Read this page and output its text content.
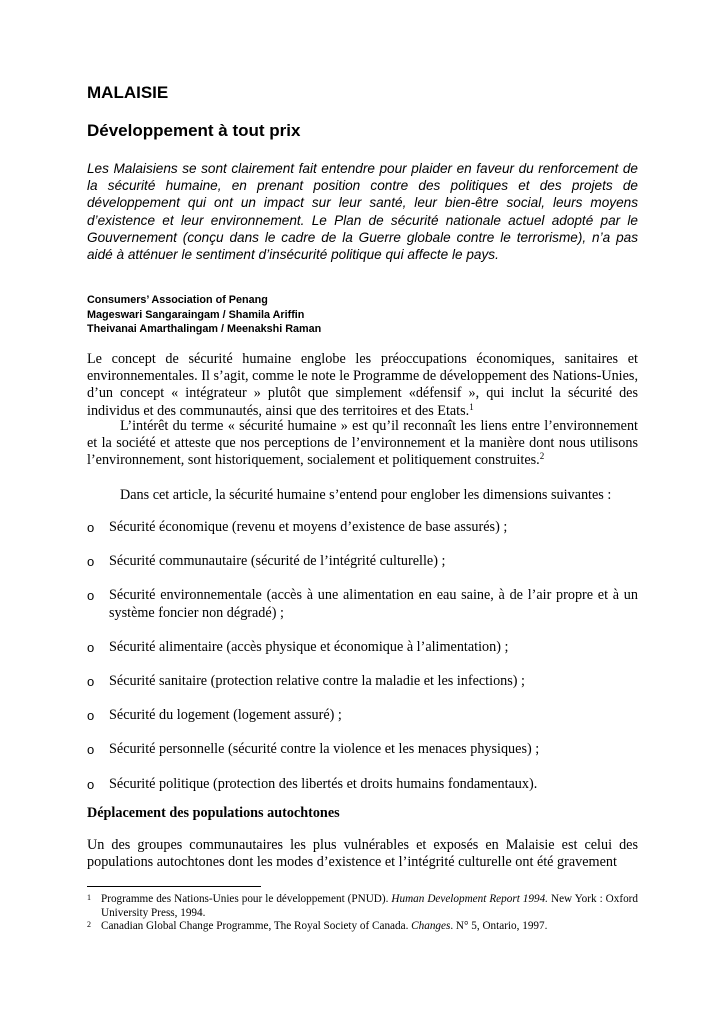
MALAISIE
Développement à tout prix

Les Malaisiens se sont clairement fait entendre pour plaider en faveur du renforcement de la sécurité humaine, en prenant position contre des politiques et des projets de développement qui ont un impact sur leur santé, leur bien-être social, leurs moyens d’existence et leur environnement. Le Plan de sécurité nationale actuel adopté par le Gouvernement (conçu dans le cadre de la Guerre globale contre le terrorisme), n’a pas aidé à atténuer le sentiment d’insécurité politique qui affecte le pays.

Consumers’ Association of Penang
Mageswari Sangaraingam / Shamila Ariffin
Theivanai Amarthalingam / Meenakshi Raman

Le concept de sécurité humaine englobe les préoccupations économiques, sanitaires et environnementales. Il s’agit, comme le note le Programme de développement des Nations-Unies, d’un concept « intégrateur » plutôt que simplement «défensif », qui inclut la sécurité des individus et des communautés, ainsi que des territoires et des Etats.$^1$

L’intérêt du terme « sécurité humaine » est qu’il reconnaît les liens entre l’environnement et la société et atteste que nos perceptions de l’environnement et la manière dont nous utilisons l’environnement, sont historiquement, socialement et politiquement construites.$^2$

Dans cet article, la sécurité humaine s’entend pour englober les dimensions suivantes :

o Sécurité économique (revenu et moyens d’existence de base assurés) ;
o Sécurité communautaire (sécurité de l’intégrité culturelle) ;
o Sécurité environnementale (accès à une alimentation en eau saine, à de l’air propre et à un système foncier non dégradé) ;
o Sécurité alimentaire (accès physique et économique à l’alimentation) ;
o Sécurité sanitaire (protection relative contre la maladie et les infections) ;
o Sécurité du logement (logement assuré) ;
o Sécurité personnelle (sécurité contre la violence et les menaces physiques) ;
o Sécurité politique (protection des libertés et droits humains fondamentaux).
Déplacement des populations autochtones

Un des groupes communautaires les plus vulnérables et exposés en Malaisie est celui des populations autochtones dont les modes d’existence et l’intégrité culturelle ont été gravement

1 Programme des Nations-Unies pour le développement (PNUD). Human Development Report 1994. New York : Oxford University Press, 1994.
2 Canadian Global Change Programme, The Royal Society of Canada. Changes. N° 5, Ontario, 1997.
